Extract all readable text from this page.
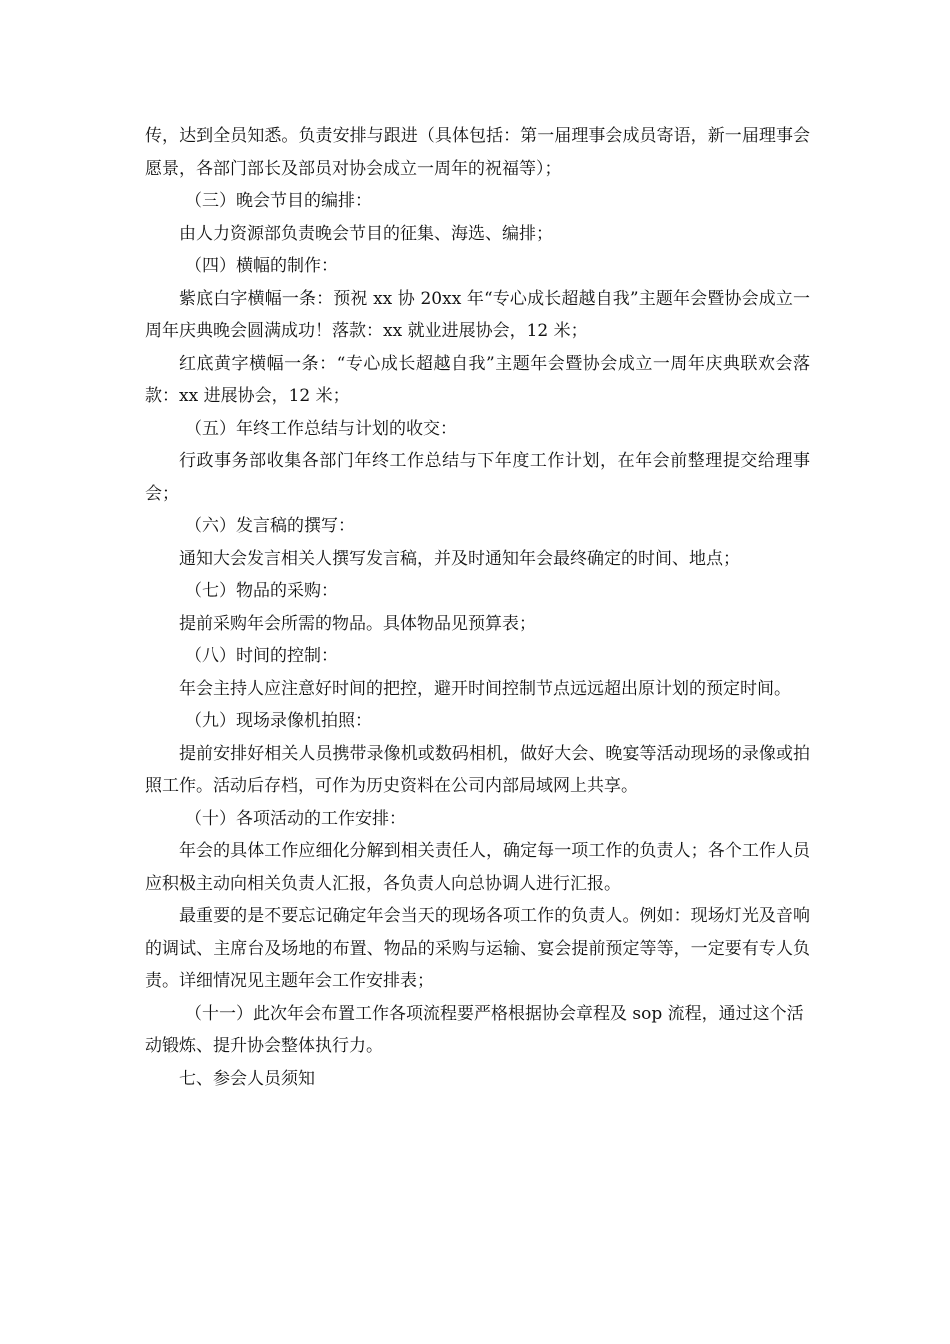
传，达到全员知悉。负责安排与跟进（具体包括：第一届理事会成员寄语，新一届理事会愿景，各部门部长及部员对协会成立一周年的祝福等）；

（三）晚会节目的编排：

由人力资源部负责晚会节目的征集、海选、编排；

（四）横幅的制作：

紫底白字横幅一条：预祝 xx 协 20xx 年“专心成长超越自我”主题年会暨协会成立一周年庆典晚会圆满成功！落款：xx 就业进展协会，12 米；

红底黄字横幅一条：“专心成长超越自我”主题年会暨协会成立一周年庆典联欢会落款：xx 进展协会，12 米；

（五）年终工作总结与计划的收交：

行政事务部收集各部门年终工作总结与下年度工作计划，在年会前整理提交给理事会；

（六）发言稿的撰写：

通知大会发言相关人撰写发言稿，并及时通知年会最终确定的时间、地点；

（七）物品的采购：

提前采购年会所需的物品。具体物品见预算表；

（八）时间的控制：

年会主持人应注意好时间的把控，避开时间控制节点远远超出原计划的预定时间。

（九）现场录像机拍照：

提前安排好相关人员携带录像机或数码相机，做好大会、晚宴等活动现场的录像或拍照工作。活动后存档，可作为历史资料在公司内部局域网上共享。

（十）各项活动的工作安排：

年会的具体工作应细化分解到相关责任人，确定每一项工作的负责人；各个工作人员应积极主动向相关负责人汇报，各负责人向总协调人进行汇报。

最重要的是不要忘记确定年会当天的现场各项工作的负责人。例如：现场灯光及音响的调试、主席台及场地的布置、物品的采购与运输、宴会提前预定等等，一定要有专人负责。详细情况见主题年会工作安排表；

（十一）此次年会布置工作各项流程要严格根据协会章程及 sop 流程，通过这个活动锻炼、提升协会整体执行力。

七、参会人员须知
